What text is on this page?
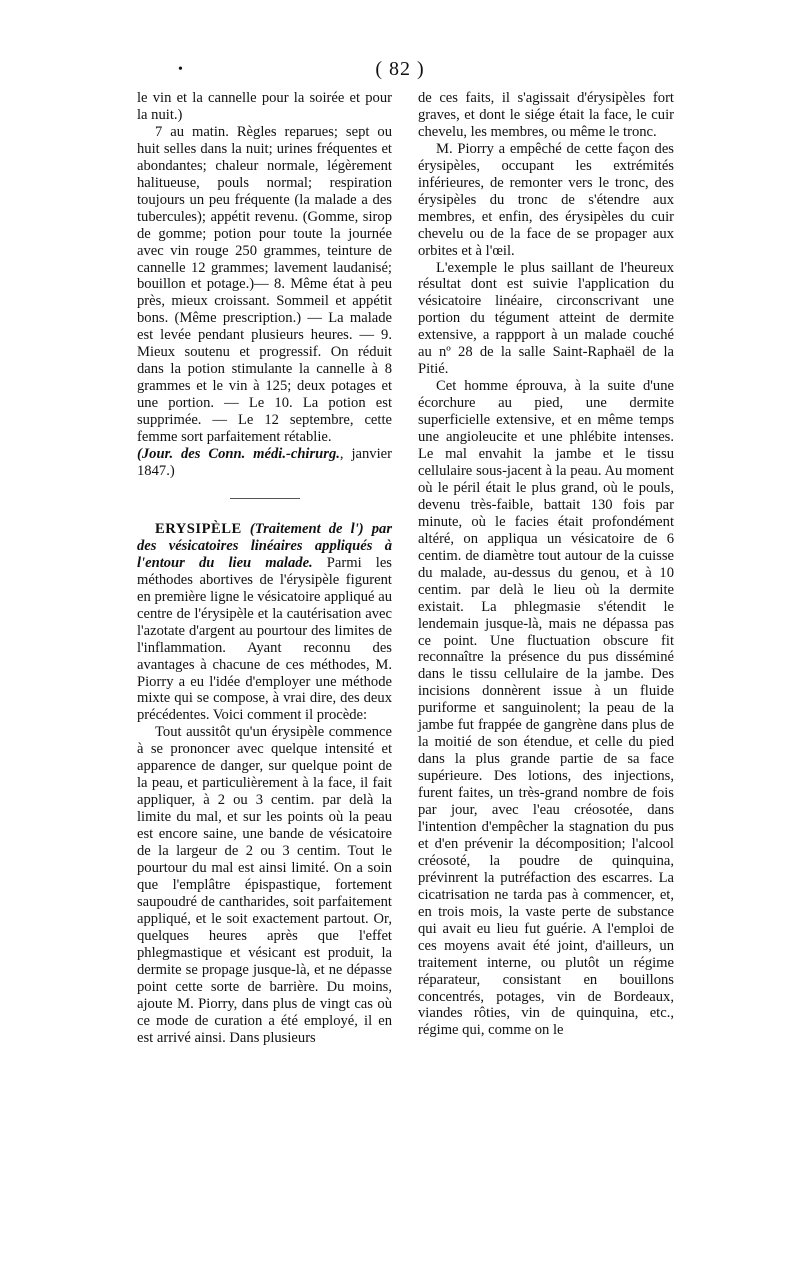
•	( 82 )

le vin et la cannelle pour la soirée et pour la nuit.)

7 au matin. Règles reparues; sept ou huit selles dans la nuit; urines fréquentes et abondantes; chaleur normale, légèrement halitueuse, pouls normal; respiration toujours un peu fréquente (la malade a des tubercules); appétit revenu. (Gomme, sirop de gomme; potion pour toute la journée avec vin rouge 250 grammes, teinture de cannelle 12 grammes; lavement laudanisé; bouillon et potage.)— 8. Même état à peu près, mieux croissant. Sommeil et appétit bons. (Même prescription.) — La malade est levée pendant plusieurs heures. — 9. Mieux soutenu et progressif. On réduit dans la potion stimulante la cannelle à 8 grammes et le vin à 125; deux potages et une portion. — Le 10. La potion est supprimée. — Le 12 septembre, cette femme sort parfaitement rétablie.

(Jour. des Conn. médi.-chirurg., janvier 1847.)

ERYSIPÈLE (Traitement de l') par des vésicatoires linéaires appliqués à l'entour du lieu malade. Parmi les méthodes abortives de l'érysipèle figurent en première ligne le vésicatoire appliqué au centre de l'érysipèle et la cautérisation avec l'azotate d'argent au pourtour des limites de l'inflammation. Ayant reconnu des avantages à chacune de ces méthodes, M. Piorry a eu l'idée d'employer une méthode mixte qui se compose, à vrai dire, des deux précédentes. Voici comment il procède:

Tout aussitôt qu'un érysipèle commence à se prononcer avec quelque intensité et apparence de danger, sur quelque point de la peau, et particulièrement à la face, il fait appliquer, à 2 ou 3 centim. par delà la limite du mal, et sur les points où la peau est encore saine, une bande de vésicatoire de la largeur de 2 ou 3 centim. Tout le pourtour du mal est ainsi limité. On a soin que l'emplâtre épispastique, fortement saupoudré de cantharides, soit parfaitement appliqué, et le soit exactement partout. Or, quelques heures après que l'effet phlegmastique et vésicant est produit, la dermite se propage jusque-là, et ne dépasse point cette sorte de barrière. Du moins, ajoute M. Piorry, dans plus de vingt cas où ce mode de curation a été employé, il en est arrivé ainsi. Dans plusieurs

de ces faits, il s'agissait d'érysipèles fort graves, et dont le siége était la face, le cuir chevelu, les membres, ou même le tronc.

M. Piorry a empêché de cette façon des érysipèles, occupant les extrémités inférieures, de remonter vers le tronc, des érysipèles du tronc de s'étendre aux membres, et enfin, des érysipèles du cuir chevelu ou de la face de se propager aux orbites et à l'œil.

L'exemple le plus saillant de l'heureux résultat dont est suivie l'application du vésicatoire linéaire, circonscrivant une portion du tégument atteint de dermite extensive, a rappport à un malade couché au nº 28 de la salle Saint-Raphaël de la Pitié.

Cet homme éprouva, à la suite d'une écorchure au pied, une dermite superficielle extensive, et en même temps une angioleucite et une phlébite intenses. Le mal envahit la jambe et le tissu cellulaire sous-jacent à la peau. Au moment où le péril était le plus grand, où le pouls, devenu très-faible, battait 130 fois par minute, où le facies était profondément altéré, on appliqua un vésicatoire de 6 centim. de diamètre tout autour de la cuisse du malade, au-dessus du genou, et à 10 centim. par delà le lieu où la dermite existait. La phlegmasie s'étendit le lendemain jusque-là, mais ne dépassa pas ce point. Une fluctuation obscure fit reconnaître la présence du pus disséminé dans le tissu cellulaire de la jambe. Des incisions donnèrent issue à un fluide puriforme et sanguinolent; la peau de la jambe fut frappée de gangrène dans plus de la moitié de son étendue, et celle du pied dans la plus grande partie de sa face supérieure. Des lotions, des injections, furent faites, un très-grand nombre de fois par jour, avec l'eau créosotée, dans l'intention d'empêcher la stagnation du pus et d'en prévenir la décomposition; l'alcool créosoté, la poudre de quinquina, prévinrent la putréfaction des escarres. La cicatrisation ne tarda pas à commencer, et, en trois mois, la vaste perte de substance qui avait eu lieu fut guérie. A l'emploi de ces moyens avait été joint, d'ailleurs, un traitement interne, ou plutôt un régime réparateur, consistant en bouillons concentrés, potages, vin de Bordeaux, viandes rôties, vin de quinquina, etc., régime qui, comme on le
